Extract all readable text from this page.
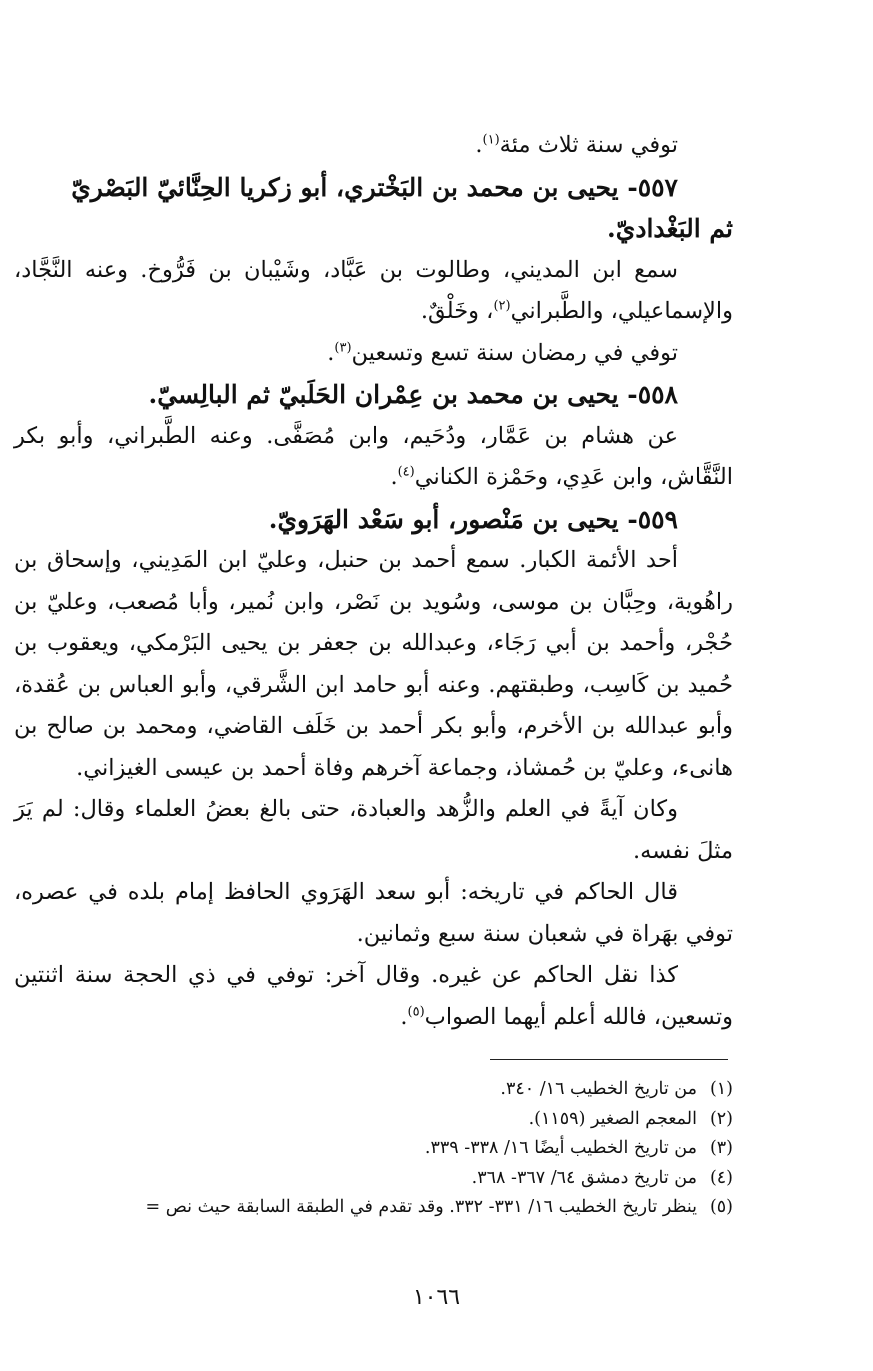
توفي سنة ثلاث مئة$^{(١)}$.

٥٥٧- يحيى بن محمد بن البَخْتري، أبو زكريا الحِنَّائيّ البَصْريّ
ثم البَغْداديّ.

سمع ابن المديني، وطالوت بن عَبَّاد، وشَيْبان بن فَرُّوخ. وعنه النَّجَّاد، والإسماعيلي، والطَّبراني$^{(٢)}$، وخَلْقٌ.

توفي في رمضان سنة تسع وتسعين$^{(٣)}$.

٥٥٨- يحيى بن محمد بن عِمْران الحَلَبيّ ثم البالِسيّ.

عن هشام بن عَمَّار، ودُحَيم، وابن مُصَفَّى. وعنه الطَّبراني، وأبو بكر النَّقَّاش، وابن عَدِي، وحَمْزة الكناني$^{(٤)}$.

٥٥٩- يحيى بن مَنْصور، أبو سَعْد الهَرَويّ.

أحد الأئمة الكبار. سمع أحمد بن حنبل، وعليّ ابن المَدِيني، وإسحاق بن راهُوية، وحِبَّان بن موسى، وسُويد بن نَصْر، وابن نُمير، وأبا مُصعب، وعليّ بن حُجْر، وأحمد بن أبي رَجَاء، وعبدالله بن جعفر بن يحيى البَرْمكي، ويعقوب بن حُميد بن كَاسِب، وطبقتهم. وعنه أبو حامد ابن الشَّرقي، وأبو العباس بن عُقدة، وأبو عبدالله بن الأخرم، وأبو بكر أحمد بن خَلَف القاضي، ومحمد بن صالح بن هانىء، وعليّ بن حُمشاذ، وجماعة آخرهم وفاة أحمد بن عيسى الغيزاني.

وكان آيةً في العلم والزُّهد والعبادة، حتى بالغ بعضُ العلماء وقال: لم يَرَ مثلَ نفسه.

قال الحاكم في تاريخه: أبو سعد الهَرَوي الحافظ إمام بلده في عصره، توفي بهَراة في شعبان سنة سبع وثمانين.

كذا نقل الحاكم عن غيره. وقال آخر: توفي في ذي الحجة سنة اثنتين وتسعين، فالله أعلم أيهما الصواب$^{(٥)}$.

(١)من تاريخ الخطيب ١٦/ ٣٤٠.

(٢)المعجم الصغير (١١٥٩).

(٣)من تاريخ الخطيب أيضًا ١٦/ ٣٣٨- ٣٣٩.

(٤)من تاريخ دمشق ٦٤/ ٣٦٧- ٣٦٨.

(٥)ينظر تاريخ الخطيب ١٦/ ٣٣١- ٣٣٢. وقد تقدم في الطبقة السابقة حيث نص =

١٠٦٦
